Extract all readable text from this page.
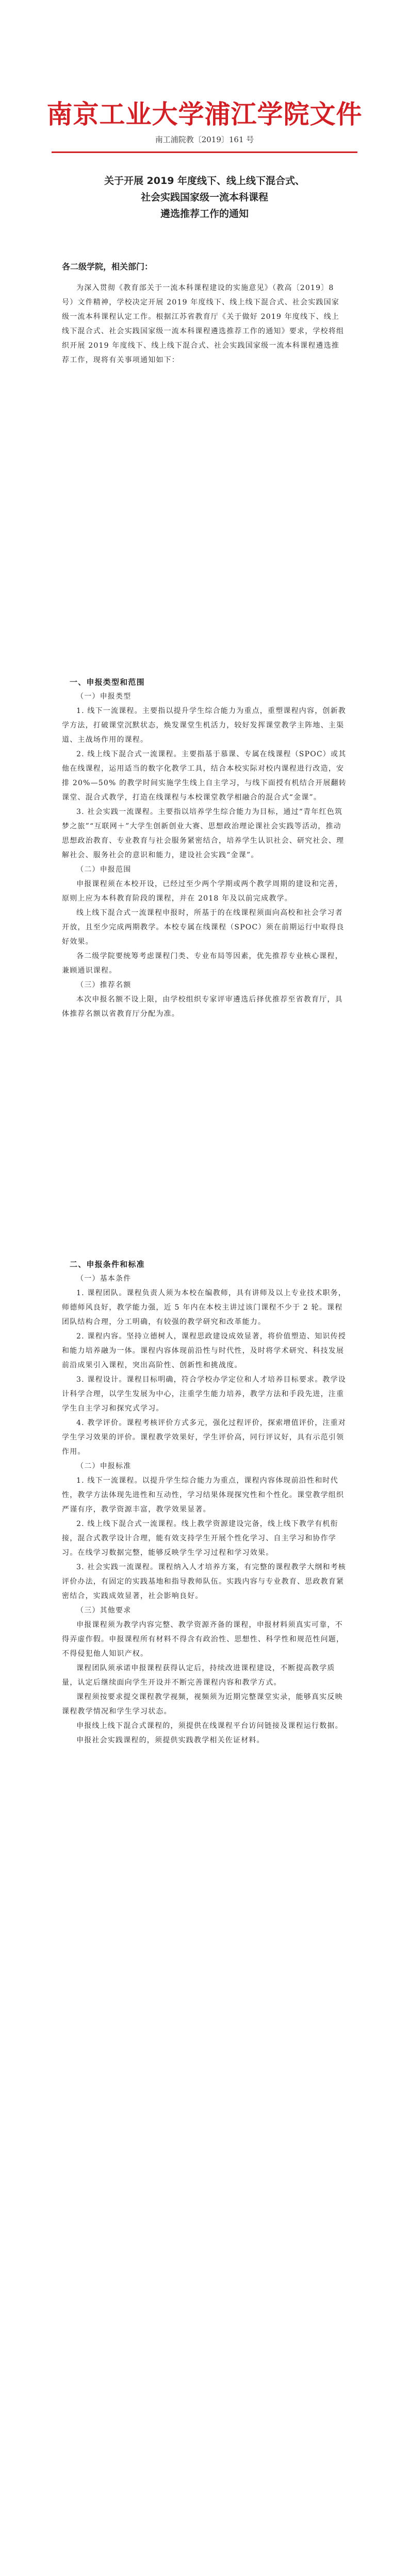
南京工业大学浦江学院文件
南工浦院教〔2019〕161 号
关于开展 2019 年度线下、线上线下混合式、
社会实践国家级一流本科课程
遴选推荐工作的通知
各二级学院，相关部门：

为深入贯彻《教育部关于一流本科课程建设的实施意见》（教高〔2019〕8 号）文件精神，学校决定开展 2019 年度线下、线上线下混合式、社会实践国家级一流本科课程认定工作。根据江苏省教育厅《关于做好 2019 年度线下、线上线下混合式、社会实践国家级一流本科课程遴选推荐工作的通知》要求，学校将组织开展 2019 年度线下、线上线下混合式、社会实践国家级一流本科课程遴选推荐工作，现将有关事项通知如下：

一、申报类型和范围

（一）申报类型

1. 线下一流课程。主要指以提升学生综合能力为重点，重塑课程内容，创新教学方法，打破课堂沉默状态，焕发课堂生机活力，较好发挥课堂教学主阵地、主渠道、主战场作用的课程。

2. 线上线下混合式一流课程。主要指基于慕课、专属在线课程（SPOC）或其他在线课程，运用适当的数字化教学工具，结合本校实际对校内课程进行改造，安排 20%—50% 的教学时间实施学生线上自主学习，与线下面授有机结合开展翻转课堂、混合式教学，打造在线课程与本校课堂教学相融合的混合式“金课”。

3. 社会实践一流课程。主要指以培养学生综合能力为目标，通过“青年红色筑梦之旅”“互联网＋”大学生创新创业大赛、思想政治理论课社会实践等活动，推动思想政治教育、专业教育与社会服务紧密结合，培养学生认识社会、研究社会、理解社会、服务社会的意识和能力，建设社会实践“金课”。

（二）申报范围

申报课程须在本校开设，已经过至少两个学期或两个教学周期的建设和完善，原则上应为本科教育阶段的课程，并在 2018 年及以前完成教学。

线上线下混合式一流课程申报时，所基于的在线课程须面向高校和社会学习者开放，且至少完成两期教学。本校专属在线课程（SPOC）须在前期运行中取得良好效果。

各二级学院要统筹考虑课程门类、专业布局等因素，优先推荐专业核心课程，兼顾通识课程。

（三）推荐名额

本次申报名额不设上限，由学校组织专家评审遴选后择优推荐至省教育厅，具体推荐名额以省教育厅分配为准。

二、申报条件和标准

（一）基本条件

1. 课程团队。课程负责人须为本校在编教师，具有讲师及以上专业技术职务，师德师风良好，教学能力强，近 5 年内在本校主讲过该门课程不少于 2 轮。课程团队结构合理，分工明确，有较强的教学研究和改革能力。

2. 课程内容。坚持立德树人，课程思政建设成效显著，将价值塑造、知识传授和能力培养融为一体。课程内容体现前沿性与时代性，及时将学术研究、科技发展前沿成果引入课程，突出高阶性、创新性和挑战度。

3. 课程设计。课程目标明确，符合学校办学定位和人才培养目标要求。教学设计科学合理，以学生发展为中心，注重学生能力培养，教学方法和手段先进，注重学生自主学习和探究式学习。

4. 教学评价。课程考核评价方式多元，强化过程评价，探索增值评价，注重对学生学习效果的评价。课程教学效果好，学生评价高，同行评议好，具有示范引领作用。

（二）申报标准

1. 线下一流课程。以提升学生综合能力为重点，课程内容体现前沿性和时代性，教学方法体现先进性和互动性，学习结果体现探究性和个性化。课堂教学组织严谨有序，教学资源丰富，教学效果显著。

2. 线上线下混合式一流课程。线上教学资源建设完备，线上线下教学有机衔接，混合式教学设计合理，能有效支持学生开展个性化学习、自主学习和协作学习。在线学习数据完整，能够反映学生学习过程和学习效果。

3. 社会实践一流课程。课程纳入人才培养方案，有完整的课程教学大纲和考核评价办法，有固定的实践基地和指导教师队伍。实践内容与专业教育、思政教育紧密结合，实践成效显著，社会影响良好。

（三）其他要求

申报课程须为教学内容完整、教学资源齐备的课程，申报材料须真实可靠，不得弄虚作假。申报课程所有材料不得含有政治性、思想性、科学性和规范性问题，不得侵犯他人知识产权。

课程团队须承诺申报课程获得认定后，持续改进课程建设，不断提高教学质量，认定后继续面向学生开设并不断完善课程内容和教学方式。

课程须按要求提交课程教学视频，视频须为近期完整课堂实录，能够真实反映课程教学情况和学生学习状态。

申报线上线下混合式课程的，须提供在线课程平台访问链接及课程运行数据。

申报社会实践课程的，须提供实践教学相关佐证材料。
